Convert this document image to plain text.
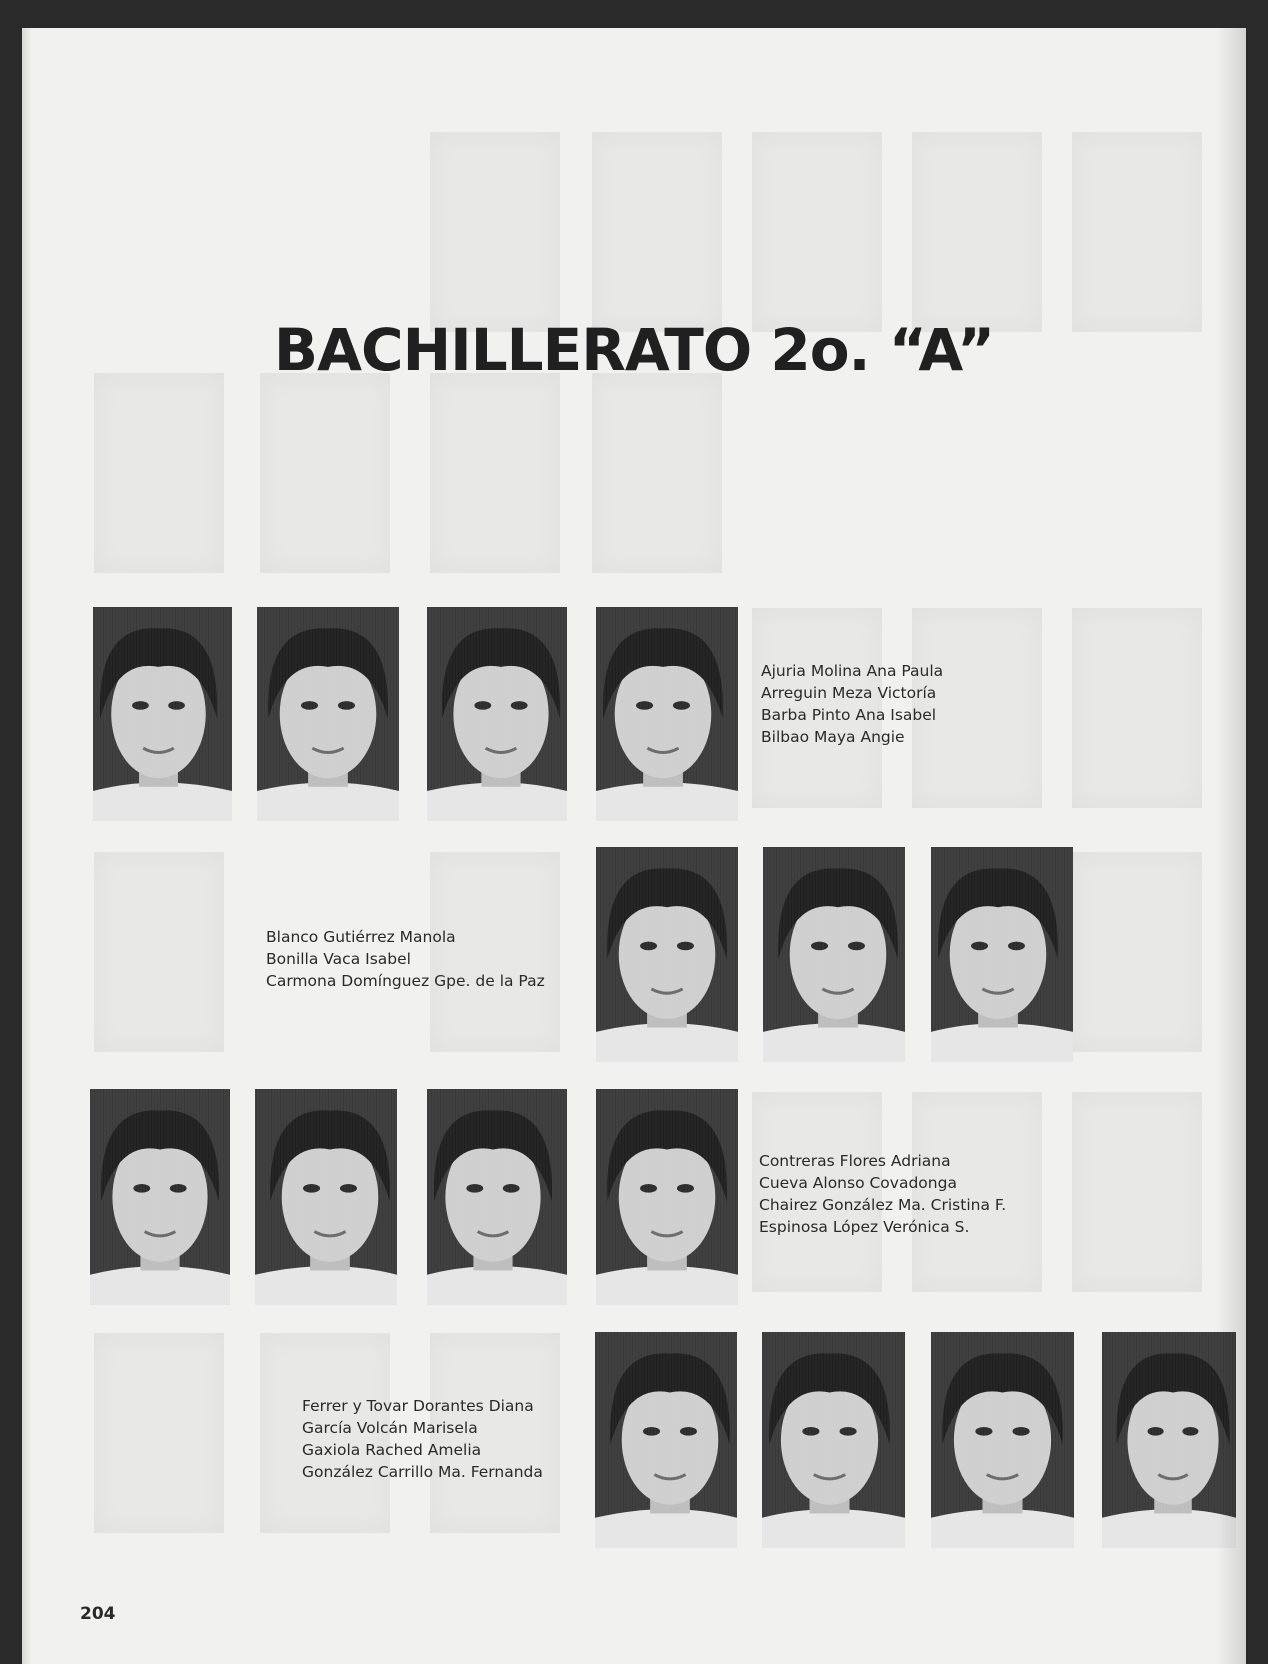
BACHILLERATO 2o. “A”
Ajuria Molina Ana Paula
Arreguin Meza Victoría
Barba Pinto Ana Isabel
Bilbao Maya Angie
Blanco Gutiérrez Manola
Bonilla Vaca Isabel
Carmona Domínguez Gpe. de la Paz
Contreras Flores Adriana
Cueva Alonso Covadonga
Chairez González Ma. Cristina F.
Espinosa López Verónica S.
Ferrer y Tovar Dorantes Diana
García Volcán Marisela
Gaxiola Rached Amelia
González Carrillo Ma. Fernanda
204
